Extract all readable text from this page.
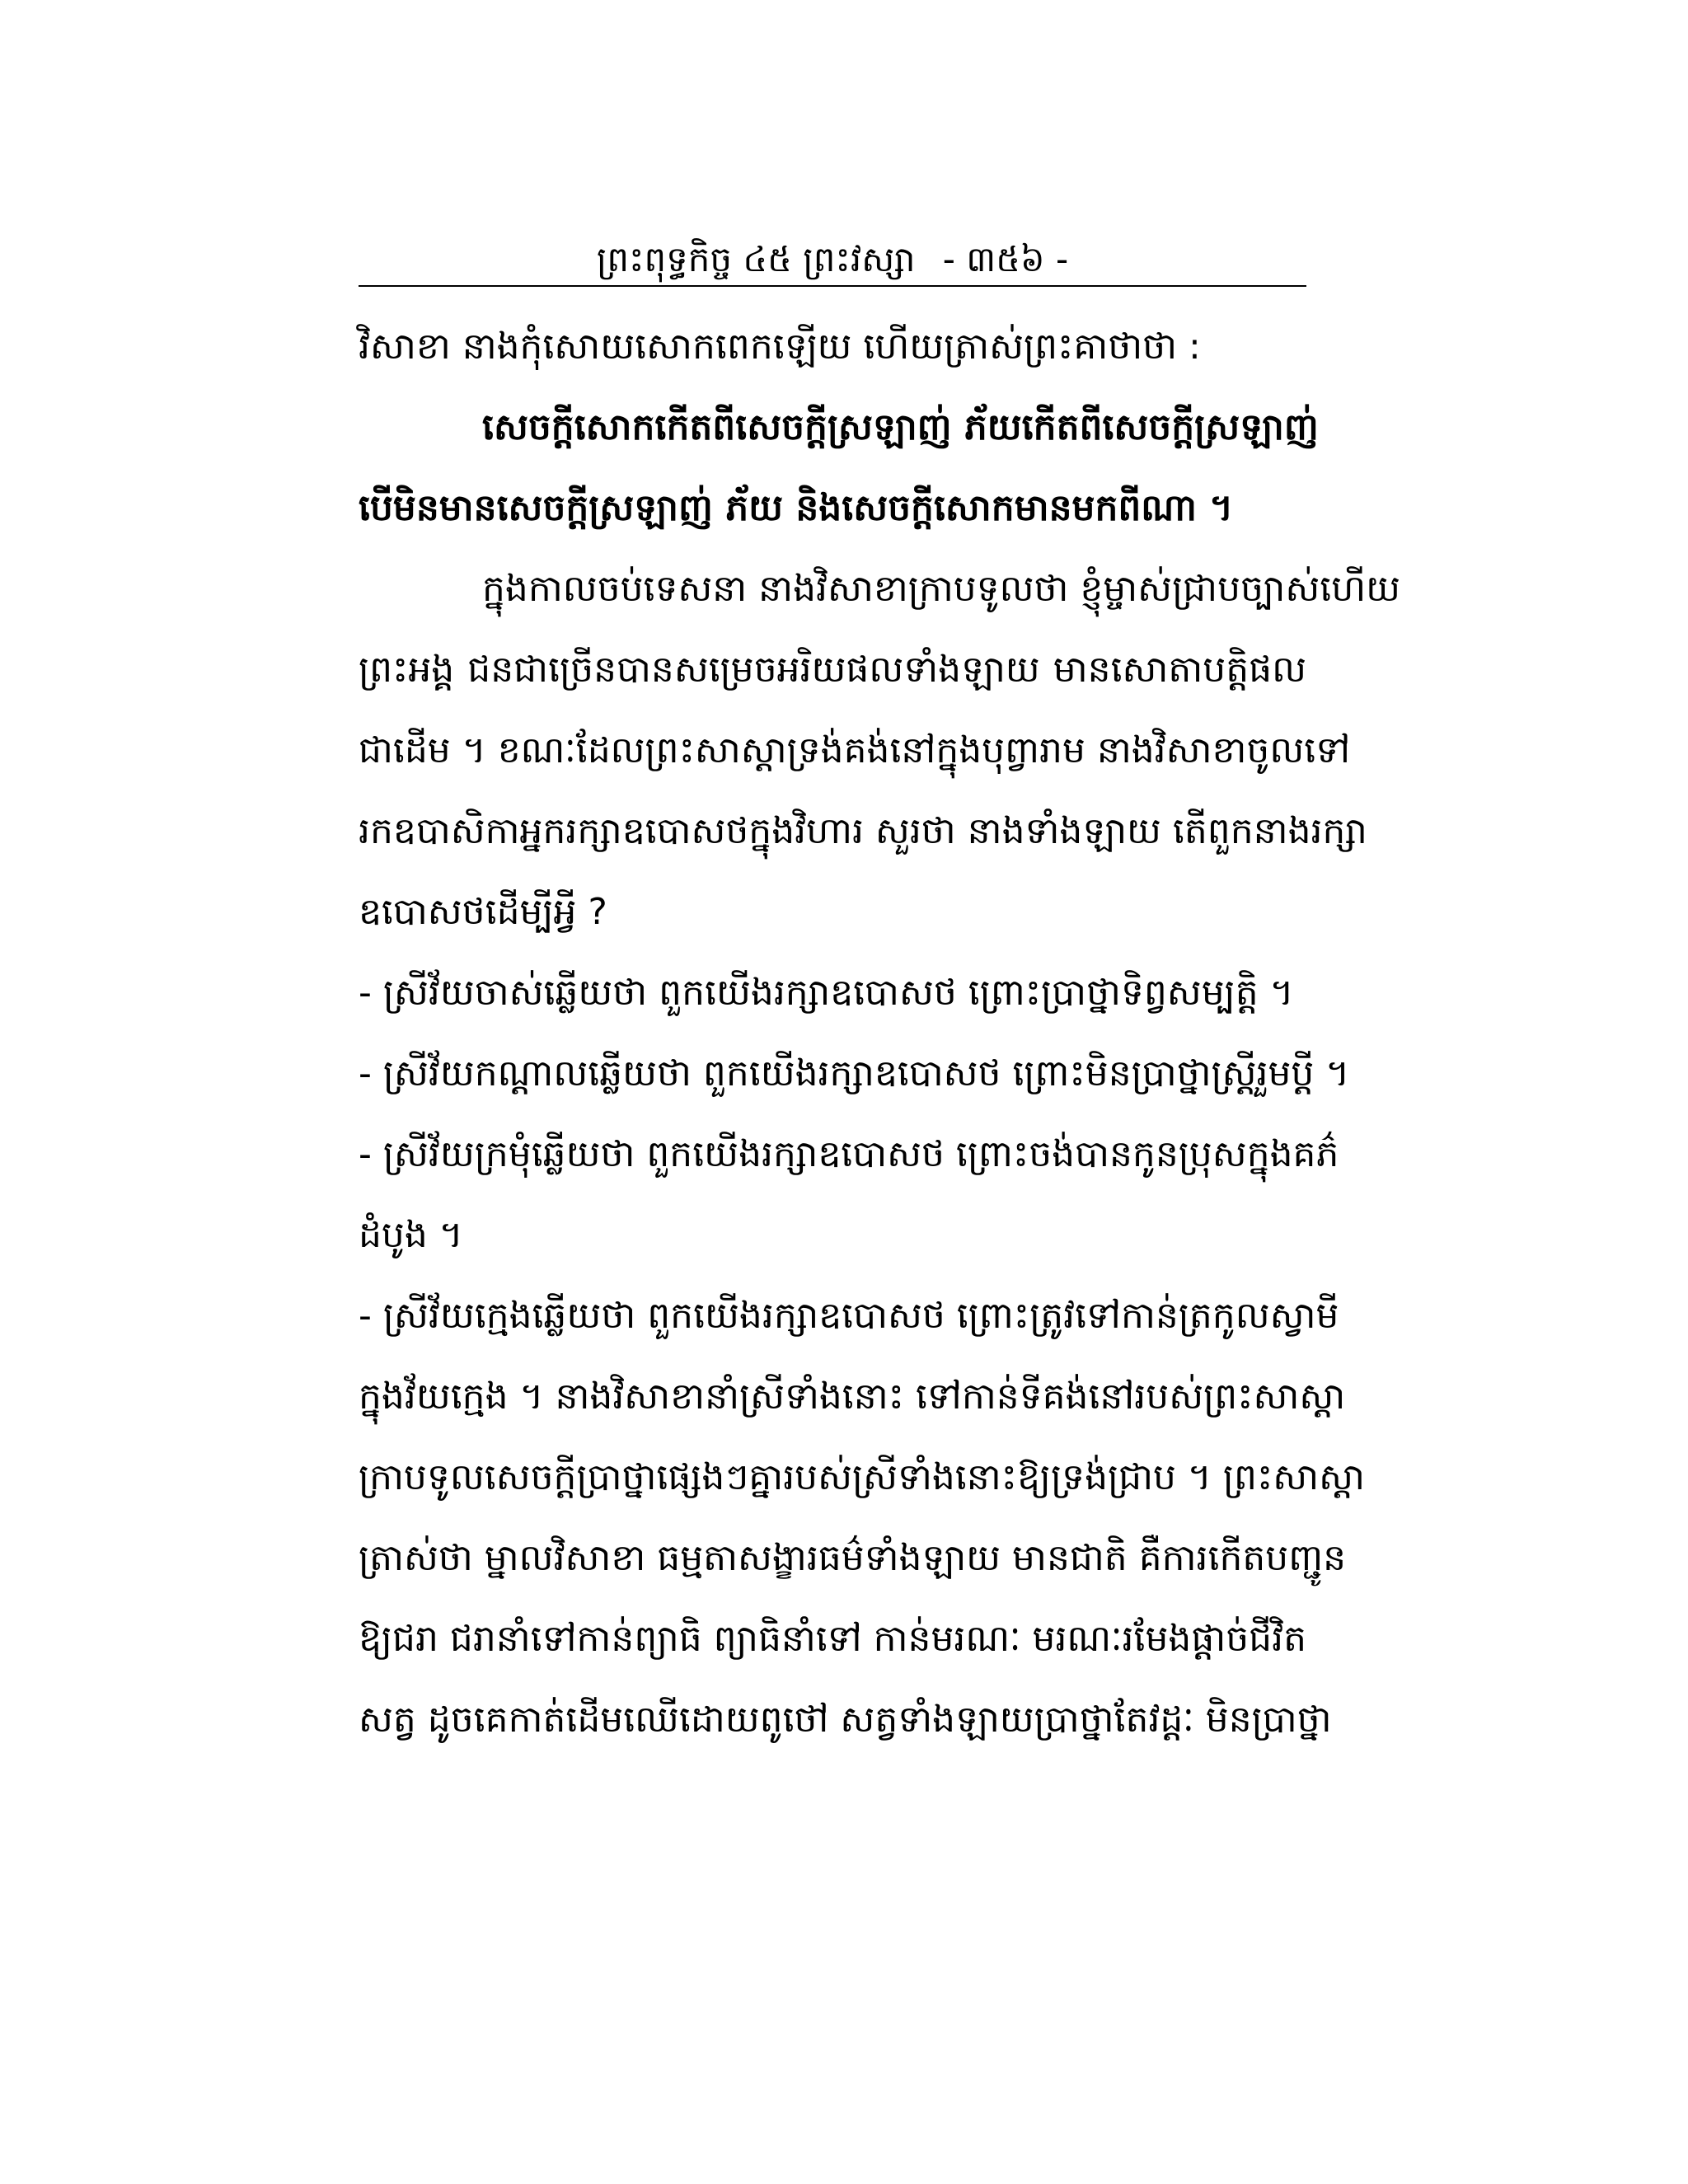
ព្រះពុទ្ធកិច្ច ៤៥ ព្រះវស្សា - ៣៥៦ -
វិសាខា នាងកុំសោយសោកពេកឡើយ ហើយត្រាស់ព្រះគាថាថា :
សេចក្ដីសោកកើតពីសេចក្ដីស្រឡាញ់ ភ័យកើតពីសេចក្ដីស្រឡាញ់
បើមិនមានសេចក្ដីស្រឡាញ់ ភ័យ និងសេចក្ដីសោកមានមកពីណា ។
ក្នុងកាលចប់ទេសនា នាងវិសាខាក្រាបទូលថា ខ្ញុំម្ចាស់ជ្រាបច្បាស់ហើយ
ព្រះអង្គ ជនជាច្រើនបានសម្រេចអរិយផលទាំងឡាយ មានសោតាបត្តិផល
ជាដើម ។ ខណៈដែលព្រះសាស្ដាទ្រង់គង់នៅក្នុងបុព្វារាម នាងវិសាខាចូលទៅ
រកឧបាសិកាអ្នករក្សាឧបោសថក្នុងវិហារ សួរថា នាងទាំងឡាយ តើពួកនាងរក្សា
ឧបោសថដើម្បីអ្វី ?
- ស្រីវ័យចាស់ឆ្លើយថា ពួកយើងរក្សាឧបោសថ ព្រោះប្រាថ្នាទិព្វសម្បត្តិ ។
- ស្រីវ័យកណ្ដាលឆ្លើយថា ពួកយើងរក្សាឧបោសថ ព្រោះមិនប្រាថ្នាស្ត្រីរួមប្ដី ។
- ស្រីវ័យក្រមុំឆ្លើយថា ពួកយើងរក្សាឧបោសថ ព្រោះចង់បានកូនប្រុសក្នុងគភ៌
ដំបូង ។
- ស្រីវ័យក្មេងឆ្លើយថា ពួកយើងរក្សាឧបោសថ ព្រោះត្រូវទៅកាន់ត្រកូលស្វាមី
ក្នុងវ័យក្មេង ។ នាងវិសាខានាំស្រីទាំងនោះ ទៅកាន់ទីគង់នៅរបស់ព្រះសាស្ដា
ក្រាបទូលសេចក្ដីប្រាថ្នាផ្សេងៗគ្នារបស់ស្រីទាំងនោះឱ្យទ្រង់ជ្រាប ។ ព្រះសាស្ដា
ត្រាស់ថា ម្នាលវិសាខា ធម្មតាសង្ខារធម៌ទាំងឡាយ មានជាតិ គឺការកើតបញ្ជូន
ឱ្យជរា ជរានាំទៅកាន់ព្យាធិ ព្យាធិនាំទៅ កាន់មរណៈ មរណៈរមែងផ្ដាច់ជីវិត
សត្វ ដូចគេកាត់ដើមឈើដោយពូថៅ សត្វទាំងឡាយប្រាថ្នាតែវដ្ដៈ មិនប្រាថ្នា
